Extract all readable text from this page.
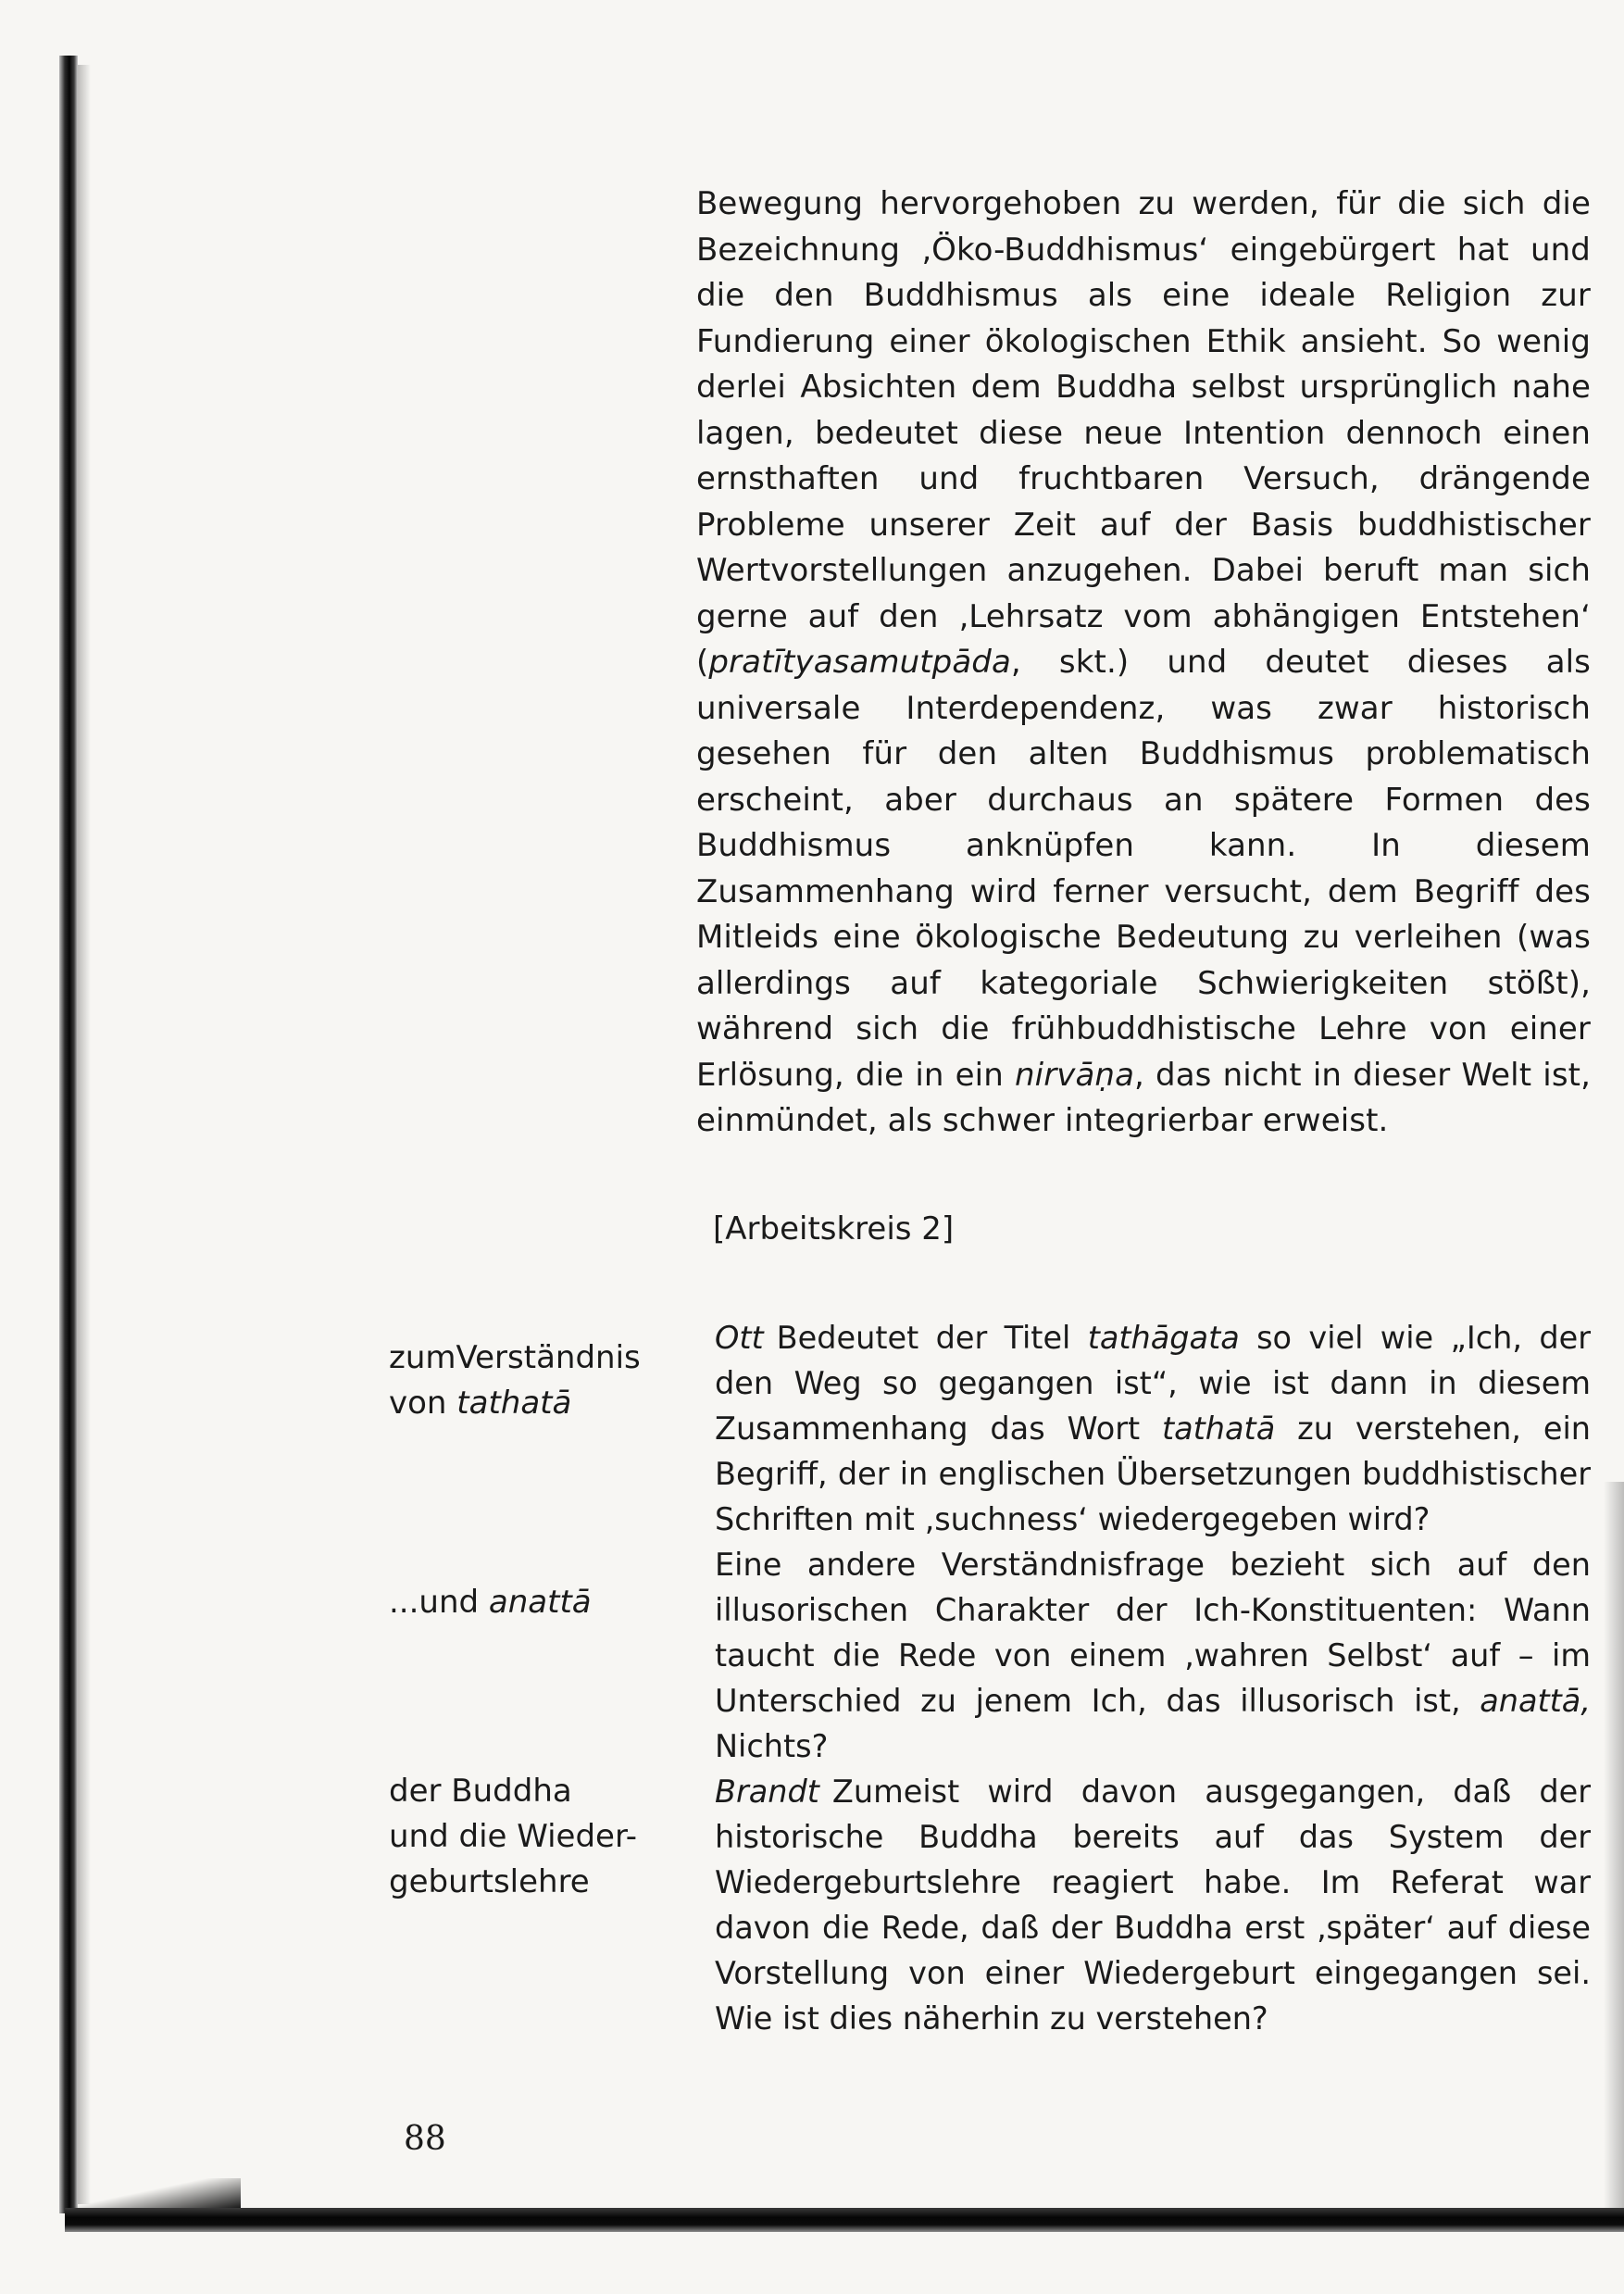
Bewegung hervorgehoben zu werden, für die sich die Bezeichnung ‚Öko-Buddhismus‘ eingebürgert hat und die den Buddhismus als eine ideale Religion zur Fundierung einer ökologischen Ethik ansieht. So wenig derlei Absichten dem Buddha selbst ursprünglich nahe lagen, bedeutet diese neue Intention dennoch einen ernsthaften und fruchtbaren Versuch, drängende Probleme unserer Zeit auf der Basis buddhistischer Wertvorstellungen anzugehen. Dabei beruft man sich gerne auf den ‚Lehrsatz vom abhängigen Entstehen‘ (pratītyasamutpāda, skt.) und deutet dieses als universale Interdependenz, was zwar historisch gesehen für den alten Buddhismus problematisch erscheint, aber durchaus an spätere Formen des Buddhismus anknüpfen kann. In diesem Zusammenhang wird ferner versucht, dem Begriff des Mitleids eine ökologische Bedeutung zu verleihen (was allerdings auf kategoriale Schwierigkeiten stößt), während sich die frühbuddhistische Lehre von einer Erlösung, die in ein nirvāṇa, das nicht in dieser Welt ist, einmündet, als schwer integrierbar erweist.

[Arbeitskreis 2]

Ott Bedeutet der Titel tathāgata so viel wie „Ich, der den Weg so gegangen ist“, wie ist dann in diesem Zusammenhang das Wort tathatā zu verstehen, ein Begriff, der in englischen Übersetzungen buddhistischer Schriften mit ‚suchness‘ wiedergegeben wird?

Eine andere Verständnisfrage bezieht sich auf den illusorischen Charakter der Ich-Konstituenten: Wann taucht die Rede von einem ‚wahren Selbst‘ auf – im Unterschied zu jenem Ich, das illusorisch ist, anattā, Nichts?

Brandt Zumeist wird davon ausgegangen, daß der historische Buddha bereits auf das System der Wiedergeburtslehre reagiert habe. Im Referat war davon die Rede, daß der Buddha erst ‚später‘ auf diese Vorstellung von einer Wiedergeburt eingegangen sei. Wie ist dies näherhin zu verstehen?

zumVerständnis
von tathatā
...und anattā
der Buddha
und die Wieder-
geburtslehre
88
